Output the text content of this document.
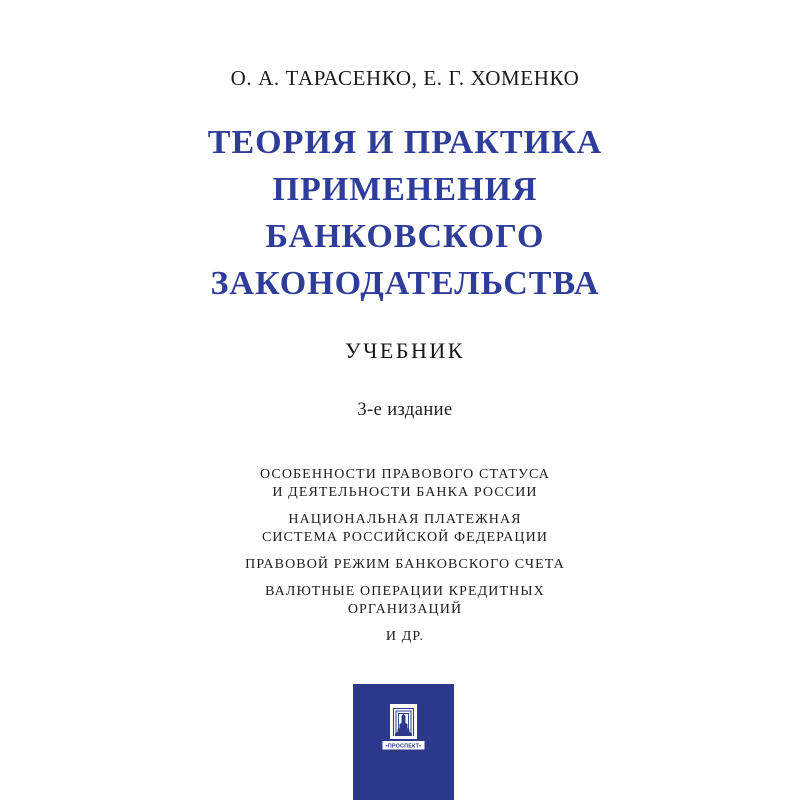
О. А. ТАРАСЕНКО, Е. Г. ХОМЕНКО
ТЕОРИЯ И ПРАКТИКА
ПРИМЕНЕНИЯ
БАНКОВСКОГО
ЗАКОНОДАТЕЛЬСТВА
УЧЕБНИК
3-е издание

ОСОБЕННОСТИ ПРАВОВОГО СТАТУСА
И ДЕЯТЕЛЬНОСТИ БАНКА РОССИИ

НАЦИОНАЛЬНАЯ ПЛАТЕЖНАЯ
СИСТЕМА РОССИЙСКОЙ ФЕДЕРАЦИИ

ПРАВОВОЙ РЕЖИМ БАНКОВСКОГО СЧЕТА

ВАЛЮТНЫЕ ОПЕРАЦИИ КРЕДИТНЫХ
ОРГАНИЗАЦИЙ

И ДР.

•ПРОСПЕКТ•
